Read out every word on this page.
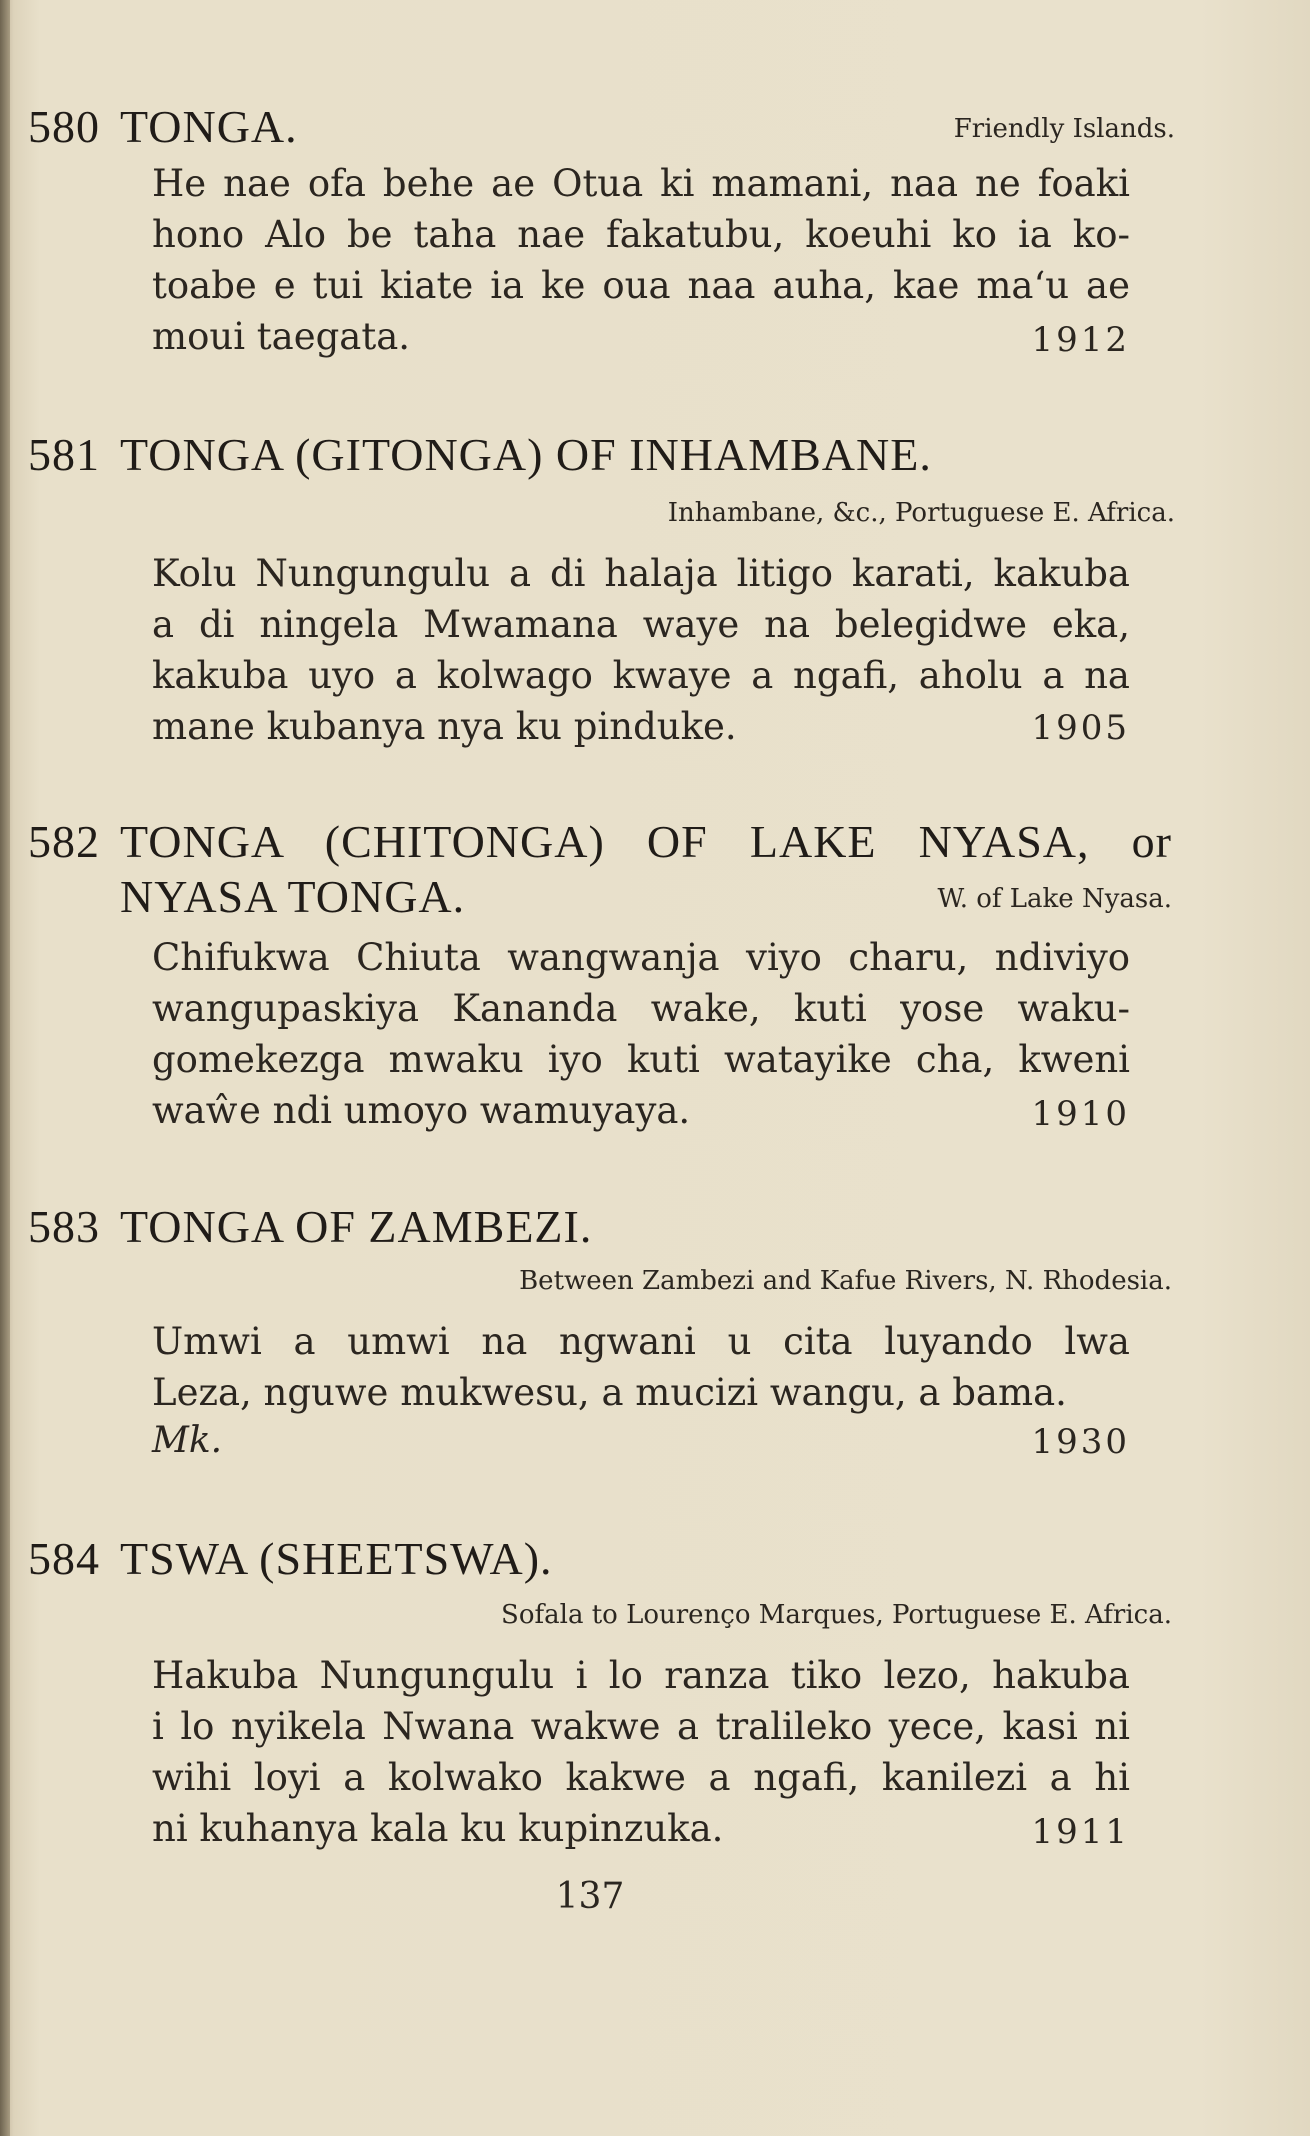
580 TONGA.	Friendly Islands.
He nae ofa behe ae Otua ki mamani, naa ne foaki
hono Alo be taha nae fakatubu, koeuhi ko ia ko-
toabe e tui kiate ia ke oua naa auha, kae ma‘u ae
moui taegata.	1912
581 TONGA (GITONGA) OF INHAMBANE.
Inhambane, &c., Portuguese E. Africa.
Kolu Nungungulu a di halaja litigo karati, kakuba
a di ningela Mwamana waye na belegidwe eka,
kakuba uyo a kolwago kwaye a ngafi, aholu a na
mane kubanya nya ku pinduke.	1905
582 TONGA (CHITONGA) OF LAKE NYASA, or
NYASA TONGA.	W. of Lake Nyasa.
Chifukwa Chiuta wangwanja viyo charu, ndiviyo
wangupaskiya Kananda wake, kuti yose waku-
gomekezga mwaku iyo kuti watayike cha, kweni
waŵe ndi umoyo wamuyaya.	1910
583 TONGA OF ZAMBEZI.
Between Zambezi and Kafue Rivers, N. Rhodesia.
Umwi a umwi na ngwani u cita luyando lwa
Leza, nguwe mukwesu, a mucizi wangu, a bama.
Mk.	1930
584 TSWA (SHEETSWA).
Sofala to Lourenço Marques, Portuguese E. Africa.
Hakuba Nungungulu i lo ranza tiko lezo, hakuba
i lo nyikela Nwana wakwe a tralileko yece, kasi ni
wihi loyi a kolwako kakwe a ngafi, kanilezi a hi
ni kuhanya kala ku kupinzuka.	1911
137
